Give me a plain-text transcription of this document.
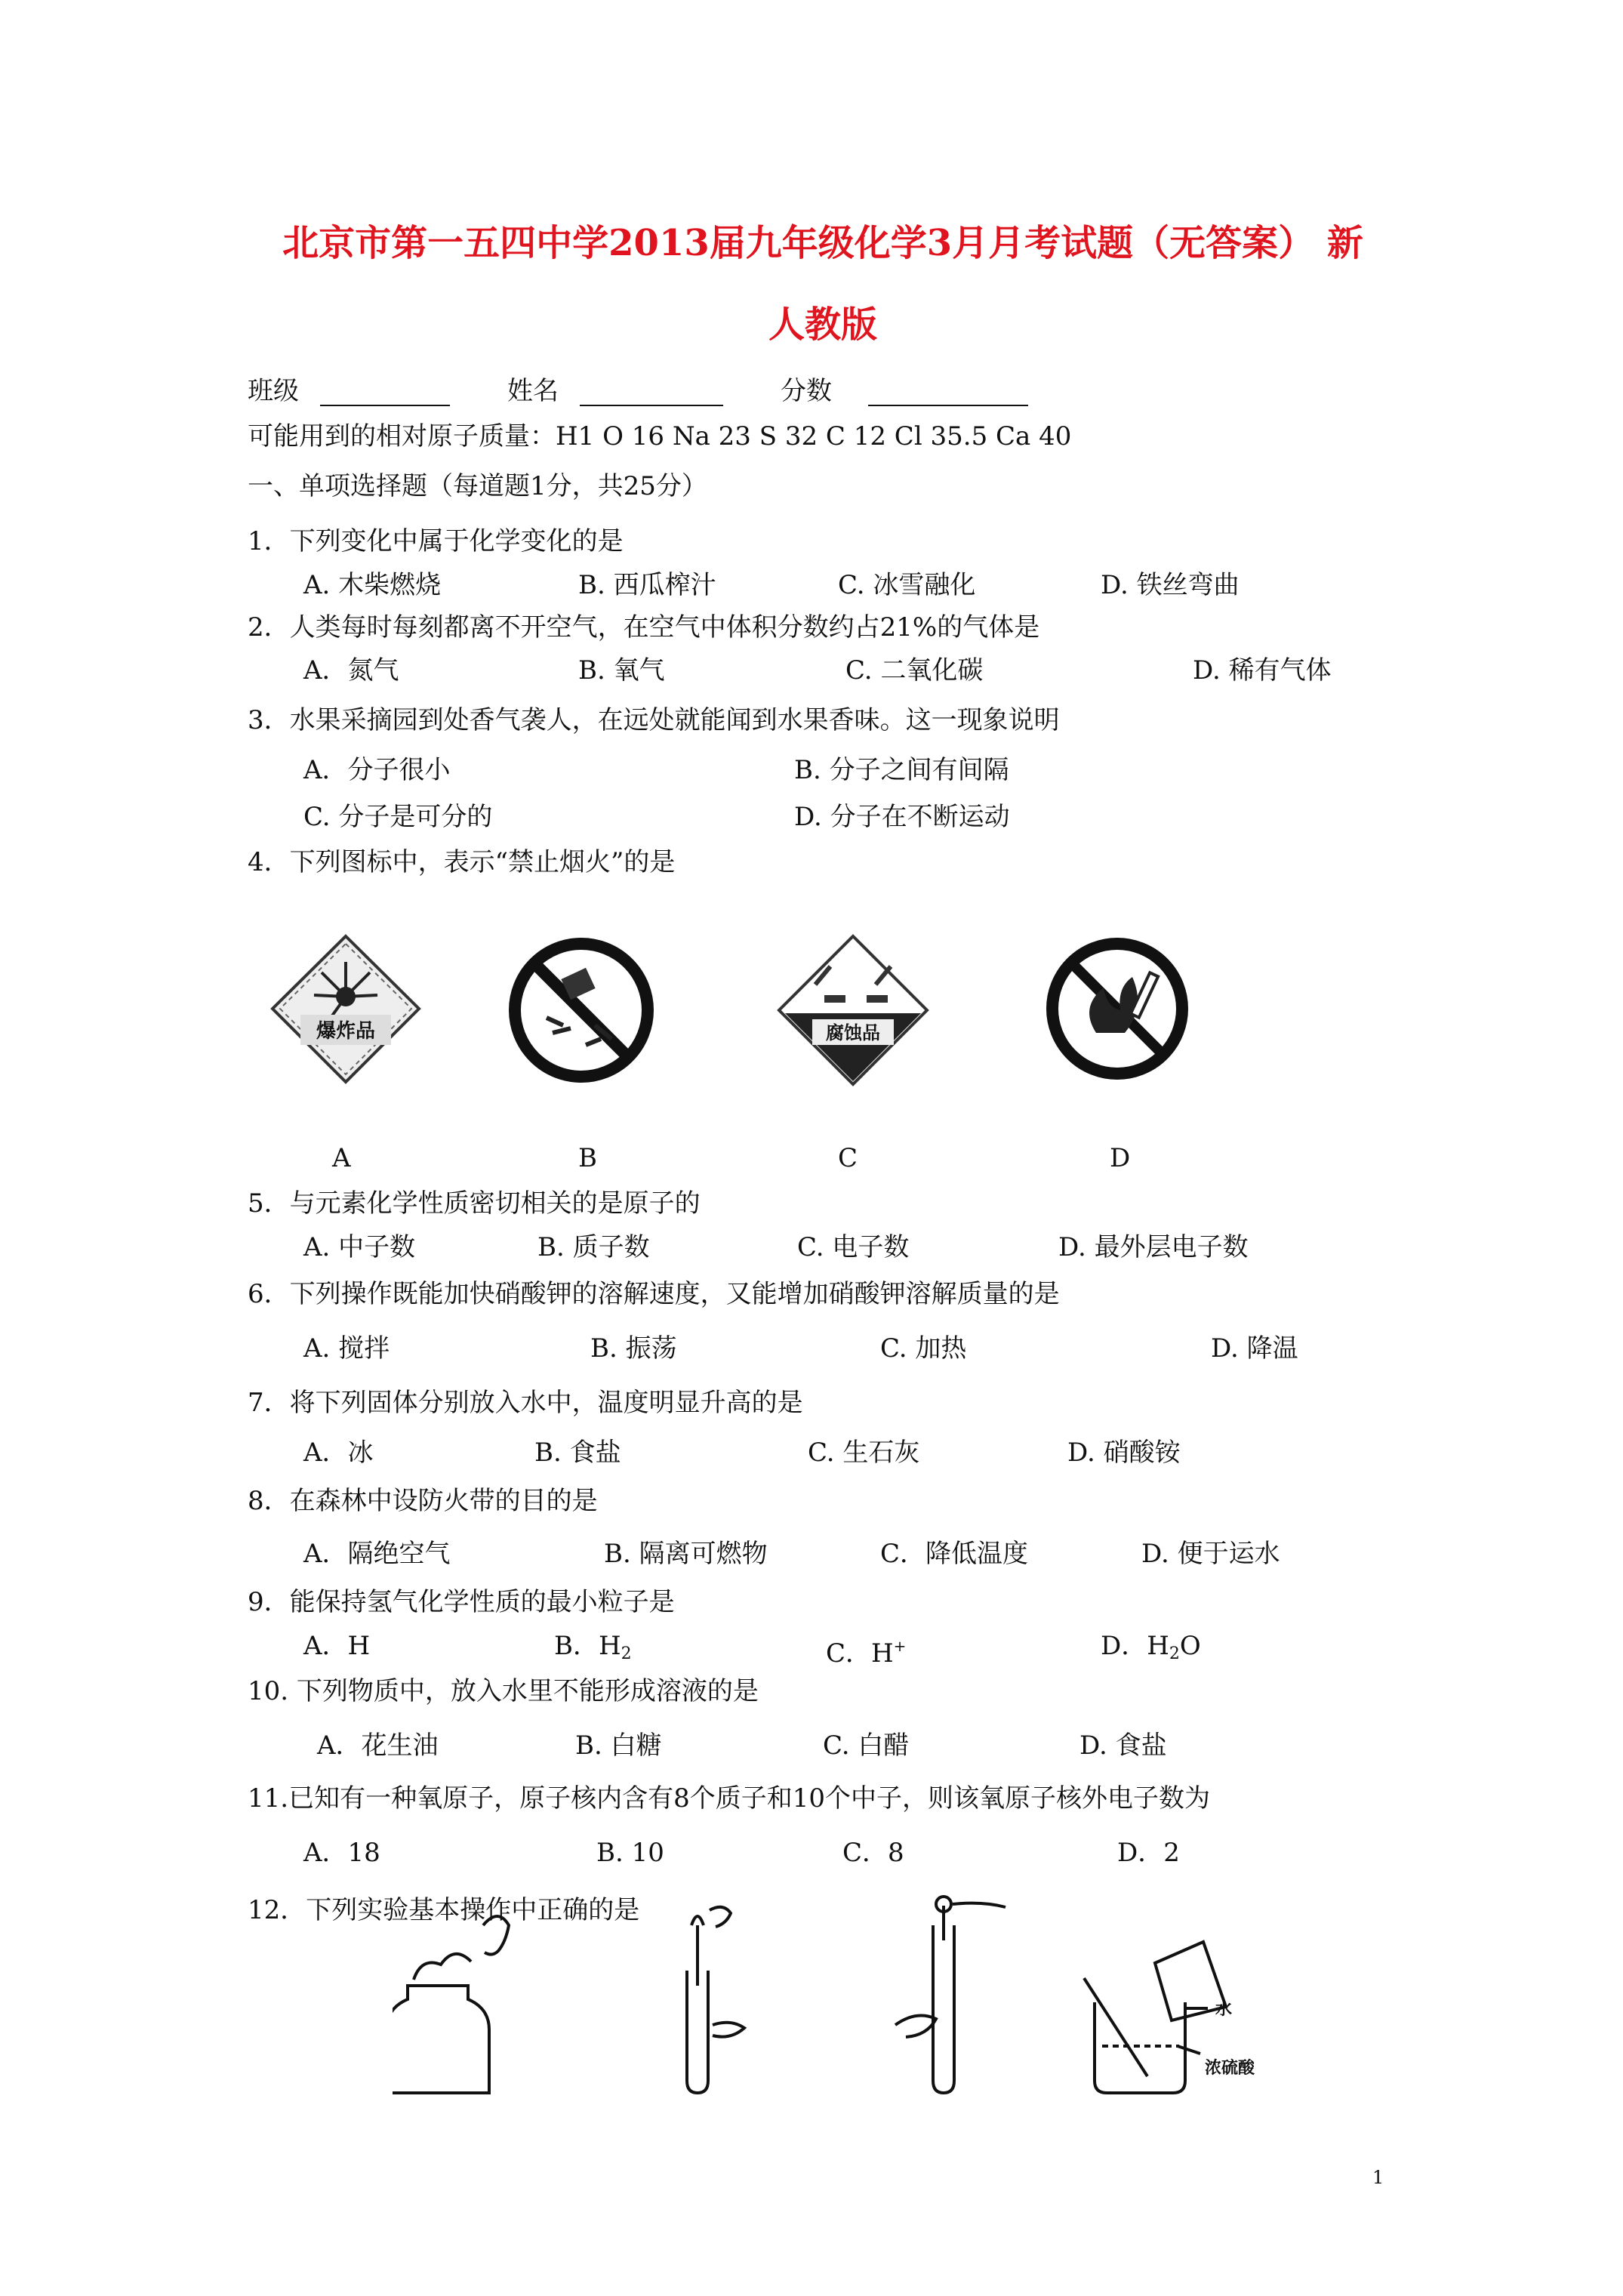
北京市第一五四中学2013届九年级化学3月月考试题（无答案） 新
人教版
班级	姓名	分数
可能用到的相对原子质量：H1 O 16 Na 23 S 32 C 12 Cl 35.5 Ca 40
一、单项选择题（每道题1分，共25分）
1．下列变化中属于化学变化的是
A. 木柴燃烧	B. 西瓜榨汁	C. 冰雪融化	D. 铁丝弯曲
2．人类每时每刻都离不开空气，在空气中体积分数约占21%的气体是
A．氮气	B. 氧气	C. 二氧化碳	D. 稀有气体
3．水果采摘园到处香气袭人，在远处就能闻到水果香味。这一现象说明
A．分子很小	B. 分子之间有间隔
C. 分子是可分的	D. 分子在不断运动
4．下列图标中，表示“禁止烟火”的是
爆炸品	腐蚀品
A	B	C	D
5．与元素化学性质密切相关的是原子的
A. 中子数	B. 质子数	C. 电子数	D. 最外层电子数
6．下列操作既能加快硝酸钾的溶解速度，又能增加硝酸钾溶解质量的是
A. 搅拌	B. 振荡	C. 加热	D. 降温
7．将下列固体分别放入水中，温度明显升高的是
A．冰	B. 食盐	C. 生石灰	D. 硝酸铵
8．在森林中设防火带的目的是
A．隔绝空气	B. 隔离可燃物	C．降低温度	D. 便于运水
9．能保持氢气化学性质的最小粒子是
A．H	B．$H_2$	C．H+	D．$H_2O$
10. 下列物质中，放入水里不能形成溶液的是
A．花生油	B. 白糖	C. 白醋	D. 食盐
11.已知有一种氧原子，原子核内含有8个质子和10个中子，则该氧原子核外电子数为
A．18	B. 10	C．8	D．2
12．下列实验基本操作中正确的是
水
浓硫酸
1
